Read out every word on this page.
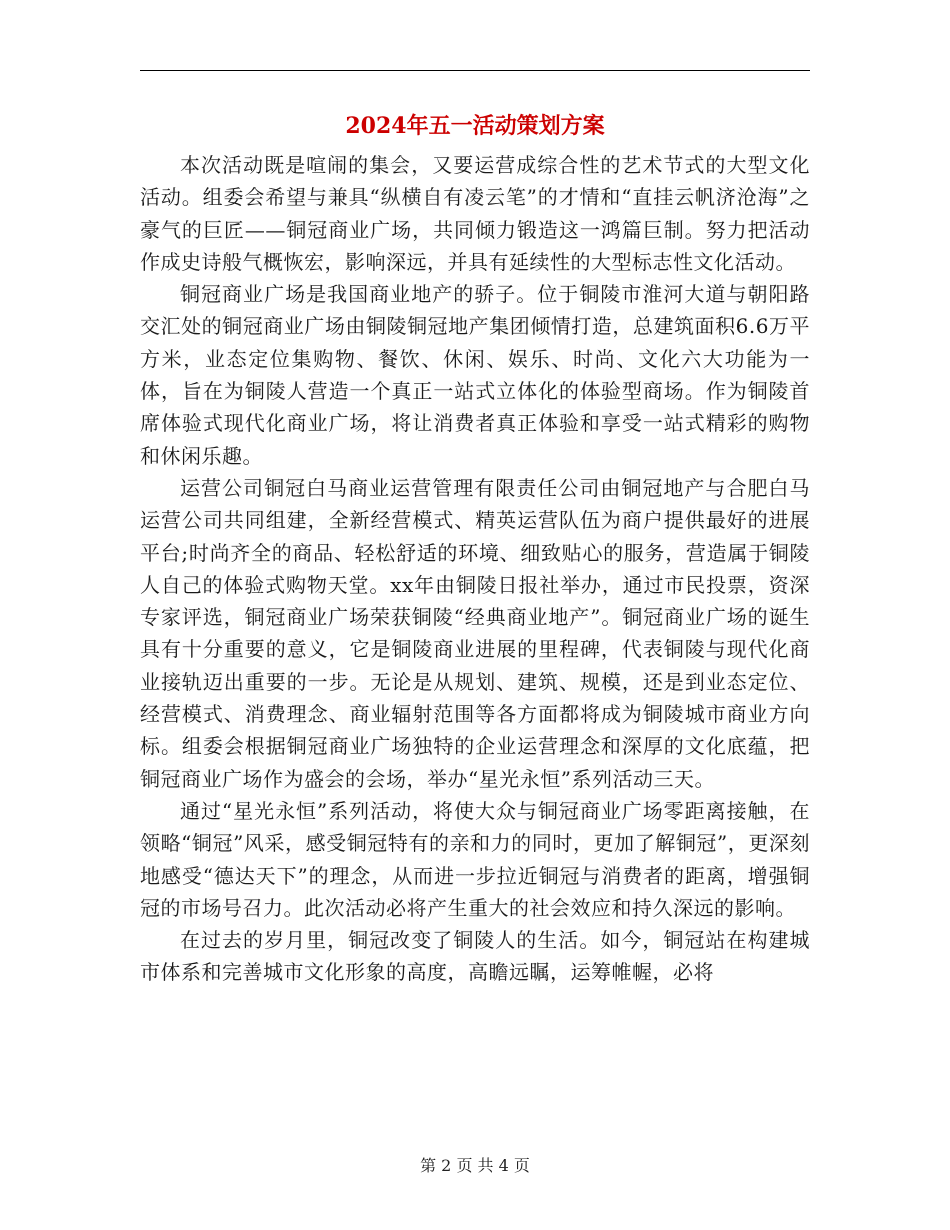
2024年五一活动策划方案

本次活动既是喧闹的集会，又要运营成综合性的艺术节式的大型文化活动。组委会希望与兼具“纵横自有凌云笔”的才情和“直挂云帆济沧海”之豪气的巨匠——铜冠商业广场，共同倾力锻造这一鸿篇巨制。努力把活动作成史诗般气概恢宏，影响深远，并具有延续性的大型标志性文化活动。

铜冠商业广场是我国商业地产的骄子。位于铜陵市淮河大道与朝阳路交汇处的铜冠商业广场由铜陵铜冠地产集团倾情打造，总建筑面积6.6万平方米，业态定位集购物、餐饮、休闲、娱乐、时尚、文化六大功能为一体，旨在为铜陵人营造一个真正一站式立体化的体验型商场。作为铜陵首席体验式现代化商业广场，将让消费者真正体验和享受一站式精彩的购物和休闲乐趣。

运营公司铜冠白马商业运营管理有限责任公司由铜冠地产与合肥白马运营公司共同组建，全新经营模式、精英运营队伍为商户提供最好的进展平台;时尚齐全的商品、轻松舒适的环境、细致贴心的服务，营造属于铜陵人自己的体验式购物天堂。xx年由铜陵日报社举办，通过市民投票，资深专家评选，铜冠商业广场荣获铜陵“经典商业地产”。铜冠商业广场的诞生具有十分重要的意义，它是铜陵商业进展的里程碑，代表铜陵与现代化商业接轨迈出重要的一步。无论是从规划、建筑、规模，还是到业态定位、经营模式、消费理念、商业辐射范围等各方面都将成为铜陵城市商业方向标。组委会根据铜冠商业广场独特的企业运营理念和深厚的文化底蕴，把铜冠商业广场作为盛会的会场，举办“星光永恒”系列活动三天。

通过“星光永恒”系列活动，将使大众与铜冠商业广场零距离接触，在领略“铜冠”风采，感受铜冠特有的亲和力的同时，更加了解铜冠”，更深刻地感受“德达天下”的理念，从而进一步拉近铜冠与消费者的距离，增强铜冠的市场号召力。此次活动必将产生重大的社会效应和持久深远的影响。

在过去的岁月里，铜冠改变了铜陵人的生活。如今，铜冠站在构建城市体系和完善城市文化形象的高度，高瞻远瞩，运筹帷幄，必将

第 2 页 共 4 页
